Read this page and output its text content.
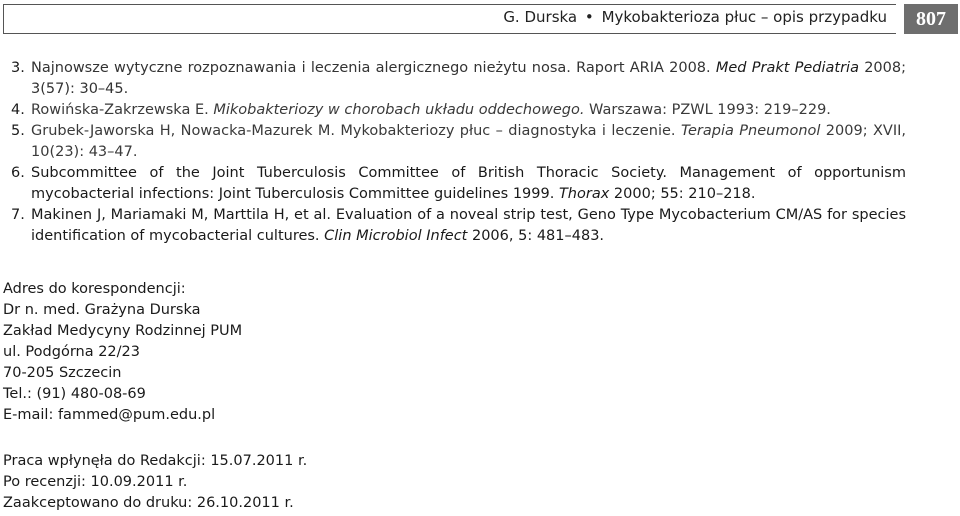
G. Durska • Mykobakterioza płuc – opis przypadku	807
3. Najnowsze wytyczne rozpoznawania i leczenia alergicznego nieżytu nosa. Raport ARIA 2008. Med Prakt Pediatria 2008; 3(57): 30–45.
4. Rowińska-Zakrzewska E. Mikobakteriozy w chorobach układu oddechowego. Warszawa: PZWL 1993: 219–229.
5. Grubek-Jaworska H, Nowacka-Mazurek M. Mykobakteriozy płuc – diagnostyka i leczenie. Terapia Pneumonol 2009; XVII, 10(23): 43–47.
6. Subcommittee of the Joint Tuberculosis Committee of British Thoracic Society. Management of opportunism mycobacterial infections: Joint Tuberculosis Committee guidelines 1999. Thorax 2000; 55: 210–218.
7. Makinen J, Mariamaki M, Marttila H, et al. Evaluation of a noveal strip test, Geno Type Mycobacterium CM/AS for species identification of mycobacterial cultures. Clin Microbiol Infect 2006, 5: 481–483.
Adres do korespondencji:
Dr n. med. Grażyna Durska
Zakład Medycyny Rodzinnej PUM
ul. Podgórna 22/23
70-205 Szczecin
Tel.: (91) 480-08-69
E-mail: fammed@pum.edu.pl
Praca wpłynęła do Redakcji: 15.07.2011 r.
Po recenzji: 10.09.2011 r.
Zaakceptowano do druku: 26.10.2011 r.
